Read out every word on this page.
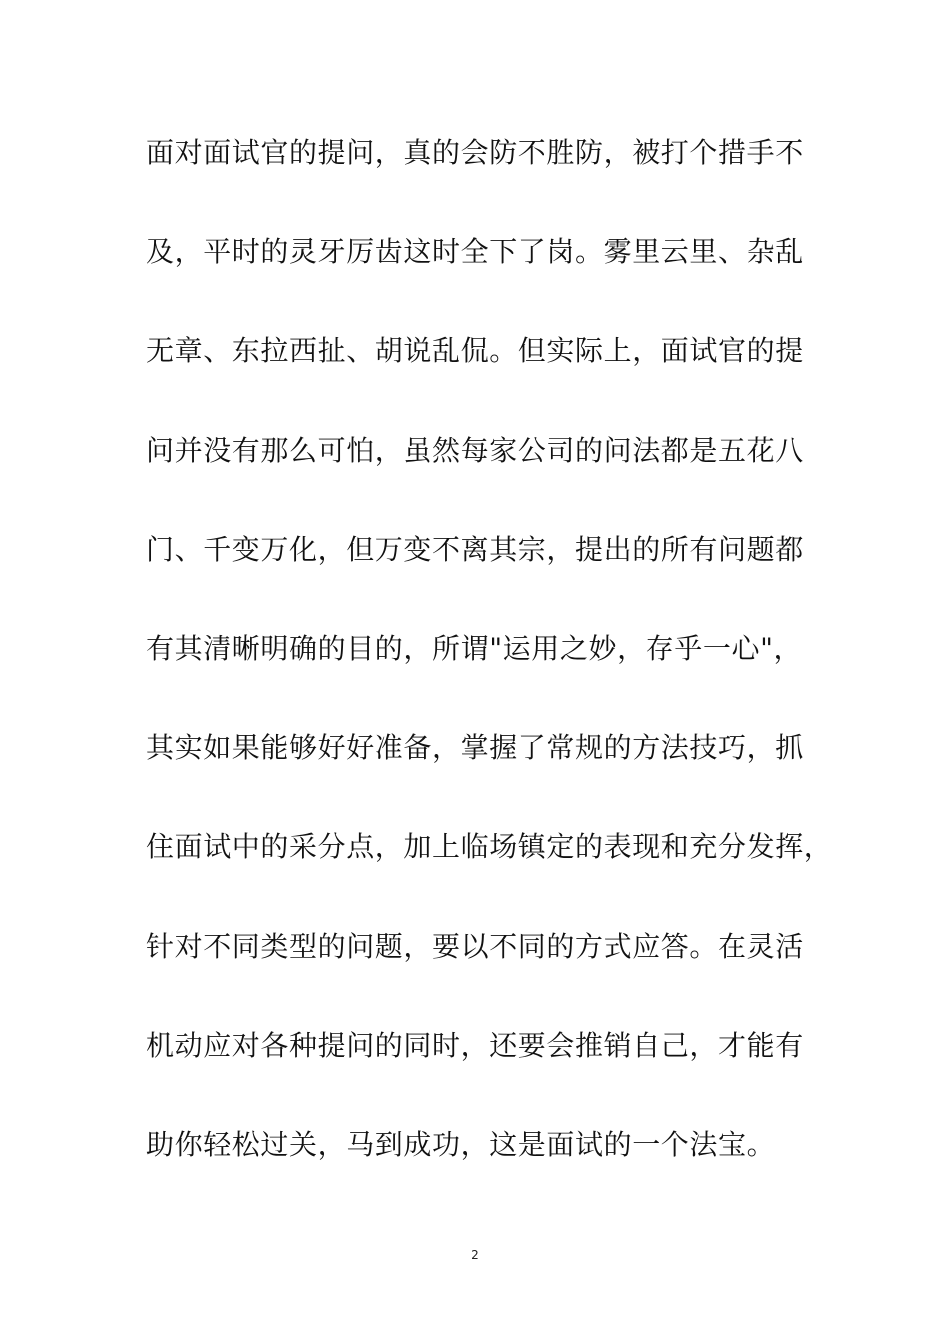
面对面试官的提问，真的会防不胜防，被打个措手不
及，平时的灵牙厉齿这时全下了岗。雾里云里、杂乱
无章、东拉西扯、胡说乱侃。但实际上，面试官的提
问并没有那么可怕，虽然每家公司的问法都是五花八
门、千变万化，但万变不离其宗，提出的所有问题都
有其清晰明确的目的，所谓"运用之妙，存乎一心"，
其实如果能够好好准备，掌握了常规的方法技巧，抓
住面试中的采分点，加上临场镇定的表现和充分发挥，
针对不同类型的问题，要以不同的方式应答。在灵活
机动应对各种提问的同时，还要会推销自己，才能有
助你轻松过关，马到成功，这是面试的一个法宝。
2
